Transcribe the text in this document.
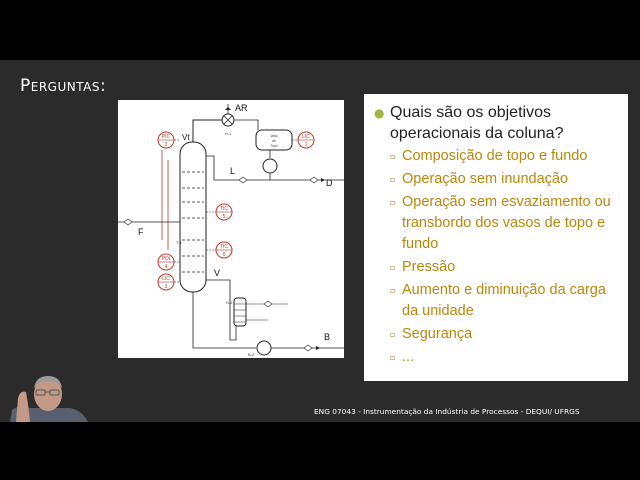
Perguntas:
T-1
H-1
AR
Vaso
de
Topo
LIC
1
L
D
PIC
2
Vt
F
TIC
5
TIC
6
PDI
4
LIC
3
V
H-2
B-2
B
● Quais são os objetivos operacionais da coluna?
▫ Composição de topo e fundo
▫ Operação sem inundação
▫ Operação sem esvaziamento ou transbordo dos vasos de topo e fundo
▫ Pressão
▫ Aumento e diminuição da carga da unidade
▫ Segurança
▫ ...
ENG 07043 - Instrumentação da Indústria de Processos - DEQUI/ UFRGS
